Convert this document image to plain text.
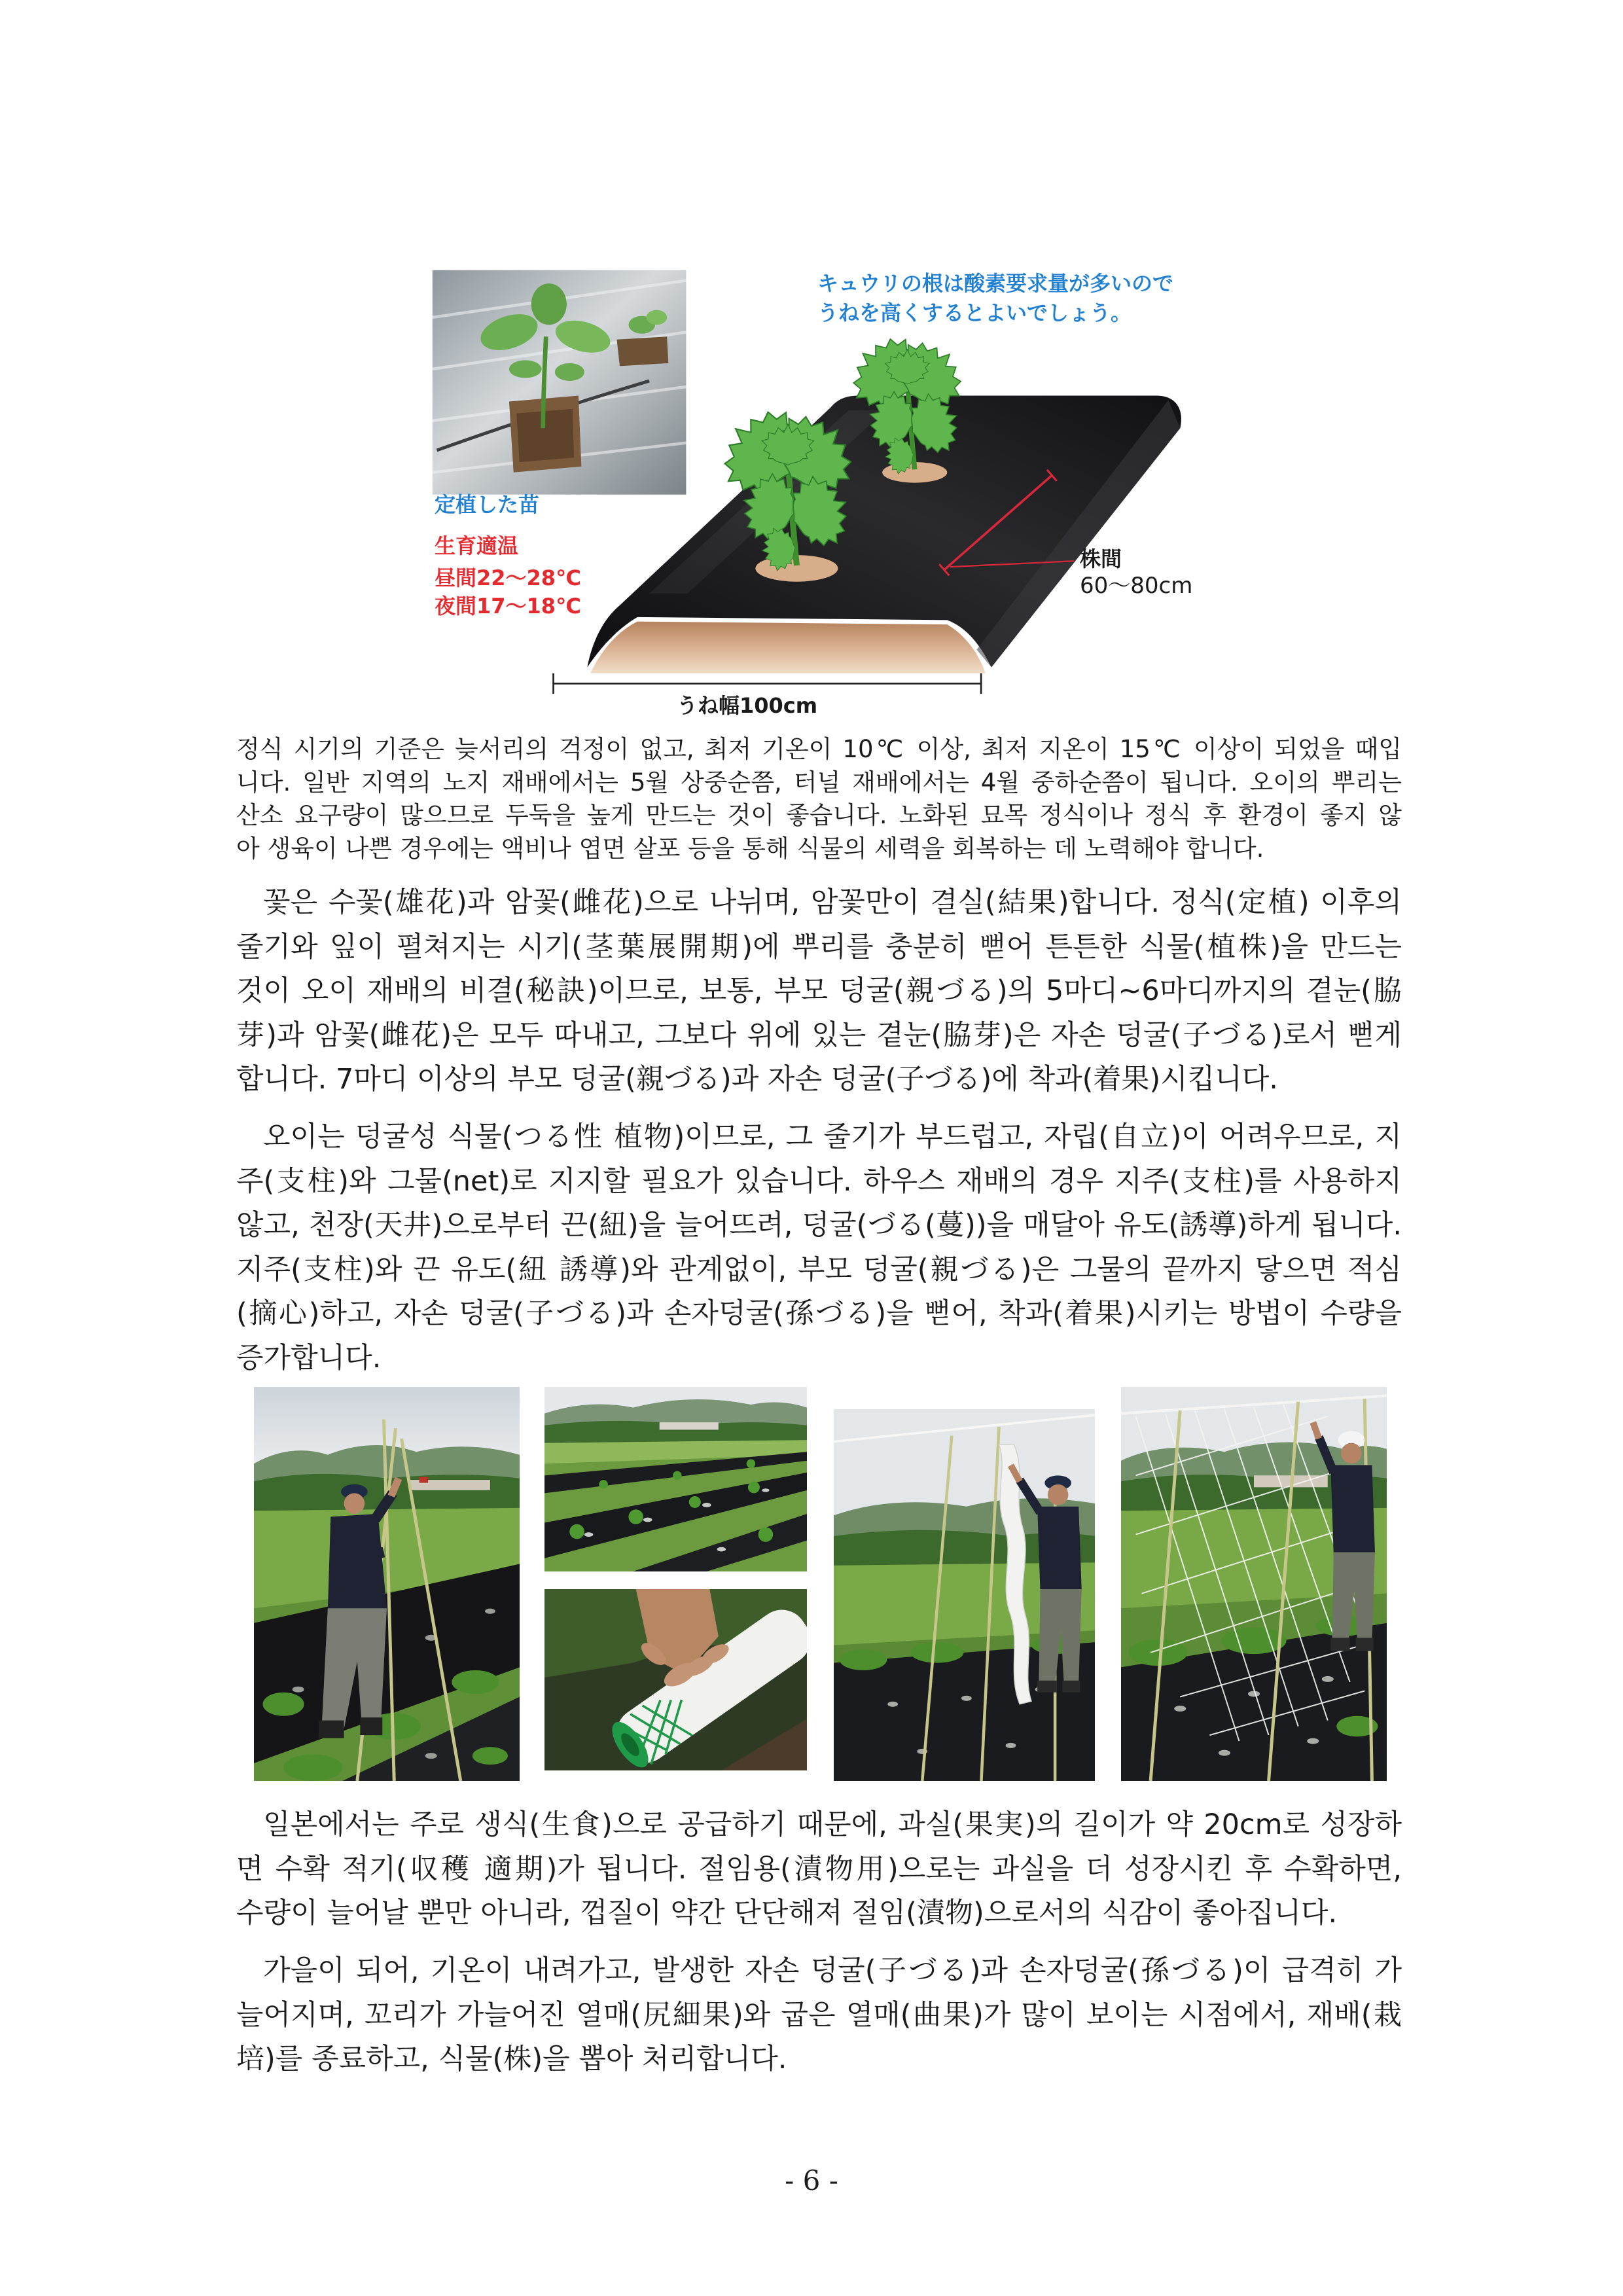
キュウリの根は酸素要求量が多いので
うねを高くするとよいでしょう。
定植した苗
生育適温
昼間22～28℃
夜間17～18℃
株間
60～80cm
うね幅100cm
정식 시기의 기준은 늦서리의 걱정이 없고, 최저 기온이 10℃ 이상, 최저 지온이 15℃ 이상이 되었을 때입
니다. 일반 지역의 노지 재배에서는 5월 상중순쯤, 터널 재배에서는 4월 중하순쯤이 됩니다. 오이의 뿌리는
산소 요구량이 많으므로 두둑을 높게 만드는 것이 좋습니다. 노화된 묘목 정식이나 정식 후 환경이 좋지 않
아 생육이 나쁜 경우에는 액비나 엽면 살포 등을 통해 식물의 세력을 회복하는 데 노력해야 합니다.
꽃은 수꽃(雄花)과 암꽃(雌花)으로 나뉘며, 암꽃만이 결실(結果)합니다. 정식(定植) 이후의
줄기와 잎이 펼쳐지는 시기(茎葉展開期)에 뿌리를 충분히 뻗어 튼튼한 식물(植株)을 만드는
것이 오이 재배의 비결(秘訣)이므로, 보통, 부모 덩굴(親づる)의 5마디~6마디까지의 곁눈(脇
芽)과 암꽃(雌花)은 모두 따내고, 그보다 위에 있는 곁눈(脇芽)은 자손 덩굴(子づる)로서 뻗게
합니다. 7마디 이상의 부모 덩굴(親づる)과 자손 덩굴(子づる)에 착과(着果)시킵니다.
오이는 덩굴성 식물(つる性 植物)이므로, 그 줄기가 부드럽고, 자립(自立)이 어려우므로, 지
주(支柱)와 그물(net)로 지지할 필요가 있습니다. 하우스 재배의 경우 지주(支柱)를 사용하지
않고, 천장(天井)으로부터 끈(紐)을 늘어뜨려, 덩굴(づる(蔓))을 매달아 유도(誘導)하게 됩니다.
지주(支柱)와 끈 유도(紐 誘導)와 관계없이, 부모 덩굴(親づる)은 그물의 끝까지 닿으면 적심
(摘心)하고, 자손 덩굴(子づる)과 손자덩굴(孫づる)을 뻗어, 착과(着果)시키는 방법이 수량을
증가합니다.
일본에서는 주로 생식(生食)으로 공급하기 때문에, 과실(果実)의 길이가 약 20cm로 성장하
면 수확 적기(収穫 適期)가 됩니다. 절임용(漬物用)으로는 과실을 더 성장시킨 후 수확하면,
수량이 늘어날 뿐만 아니라, 껍질이 약간 단단해져 절임(漬物)으로서의 식감이 좋아집니다.
가을이 되어, 기온이 내려가고, 발생한 자손 덩굴(子づる)과 손자덩굴(孫づる)이 급격히 가
늘어지며, 꼬리가 가늘어진 열매(尻細果)와 굽은 열매(曲果)가 많이 보이는 시점에서, 재배(栽
培)를 종료하고, 식물(株)을 뽑아 처리합니다.
- 6 -
